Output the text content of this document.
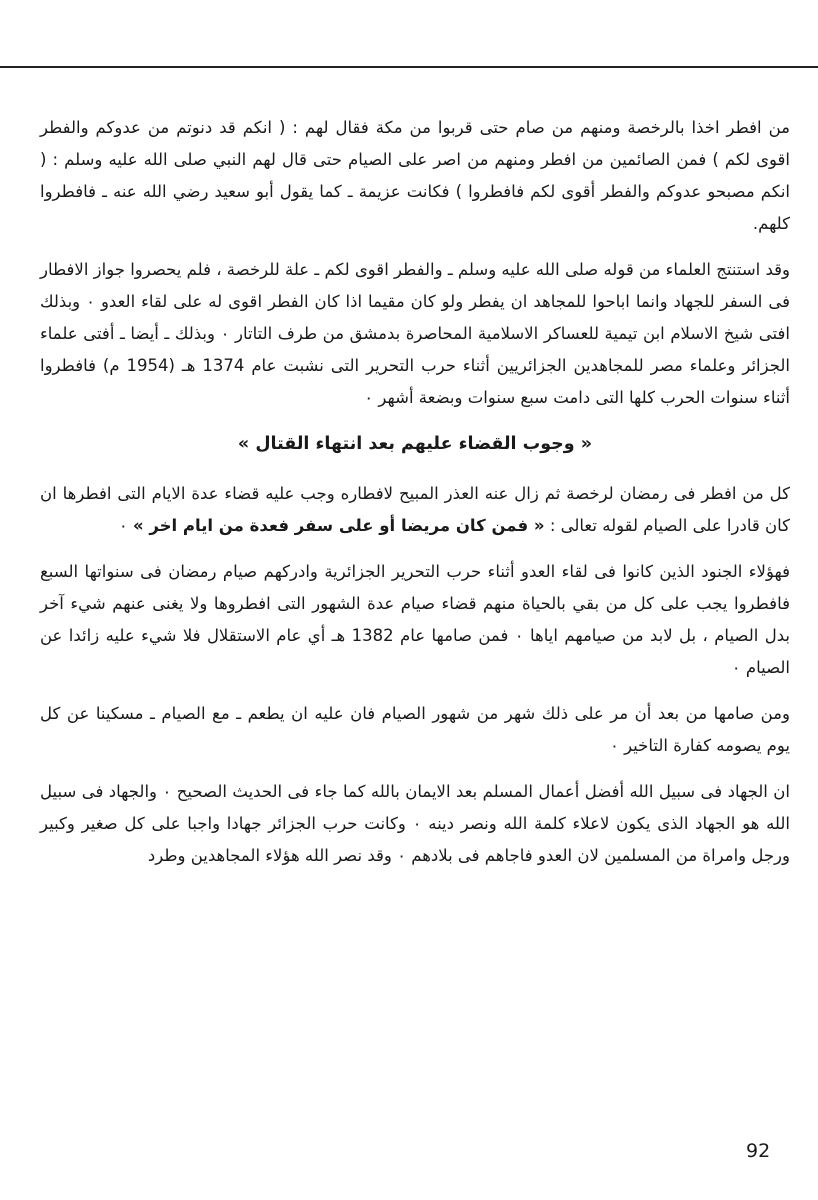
من افطر اخذا بالرخصة ومنهم من صام حتى قربوا من مكة فقال لهم : ( انكم قد دنوتم من عدوكم والفطر اقوى لكم ) فمن الصائمين من افطر ومنهم من اصر على الصيام حتى قال لهم النبي صلى الله عليه وسلم : ( انكم مصبحو عدوكم والفطر أقوى لكم فافطروا ) فكانت عزيمة ـ كما يقول أبو سعيد رضي الله عنه ـ فافطروا كلهم.

وقد استنتج العلماء من قوله صلى الله عليه وسلم ـ والفطر اقوى لكم ـ علة للرخصة ، فلم يحصروا جواز الافطار فى السفر للجهاد وانما اباحوا للمجاهد ان يفطر ولو كان مقيما اذا كان الفطر اقوى له على لقاء العدو ٠ وبذلك افتى شيخ الاسلام ابن تيمية للعساكر الاسلامية المحاصرة بدمشق من طرف التاتار ٠ وبذلك ـ أيضا ـ أفتى علماء الجزائر وعلماء مصر للمجاهدين الجزائريين أثناء حرب التحرير التى نشبت عام 1374 هـ (1954 م) فافطروا أثناء سنوات الحرب كلها التى دامت سبع سنوات وبضعة أشهر ٠

« وجوب القضاء عليهم بعد انتهاء القتال »

كل من افطر فى رمضان لرخصة ثم زال عنه العذر المبيح لافطاره وجب عليه قضاء عدة الايام التى افطرها ان كان قادرا على الصيام لقوله تعالى : « فمن كان مريضا أو على سفر فعدة من ايام اخر » ٠

فهؤلاء الجنود الذين كانوا فى لقاء العدو أثناء حرب التحرير الجزائرية وادركهم صيام رمضان فى سنواتها السبع فافطروا يجب على كل من بقي بالحياة منهم قضاء صيام عدة الشهور التى افطروها ولا يغنى عنهم شيء آخر بدل الصيام ، بل لابد من صيامهم اياها ٠ فمن صامها عام 1382 هـ أي عام الاستقلال فلا شيء عليه زائدا عن الصيام ٠

ومن صامها من بعد أن مر على ذلك شهر من شهور الصيام فان عليه ان يطعم ـ مع الصيام ـ مسكينا عن كل يوم يصومه كفارة التاخير ٠

ان الجهاد فى سبيل الله أفضل أعمال المسلم بعد الايمان بالله كما جاء فى الحديث الصحيح ٠ والجهاد فى سبيل الله هو الجهاد الذى يكون لاعلاء كلمة الله ونصر دينه ٠ وكانت حرب الجزائر جهادا واجبا على كل صغير وكبير ورجل وامراة من المسلمين لان العدو فاجاهم فى بلادهم ٠ وقد نصر الله هؤلاء المجاهدين وطرد

92
